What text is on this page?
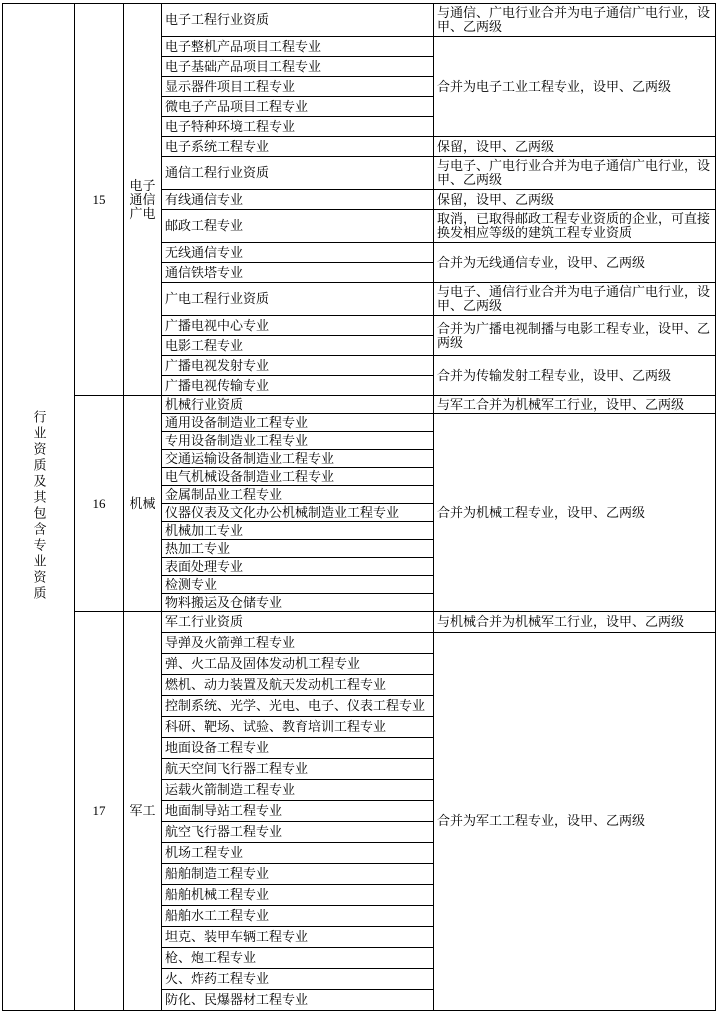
行业资质及其包含专业资质	15	电子通信广电	电子工程行业资质	与通信、广电行业合并为电子通信广电行业，设甲、乙两级
			电子整机产品项目工程专业	合并为电子工业工程专业，设甲、乙两级
			电子基础产品项目工程专业	
			显示器件项目工程专业	
			微电子产品项目工程专业	
			电子特种环境工程专业	
			电子系统工程专业	保留，设甲、乙两级
			通信工程行业资质	与电子、广电行业合并为电子通信广电行业，设甲、乙两级
			有线通信专业	保留，设甲、乙两级
			邮政工程专业	取消，已取得邮政工程专业资质的企业，可直接换发相应等级的建筑工程专业资质
			无线通信专业	合并为无线通信专业，设甲、乙两级
			通信铁塔专业	
			广电工程行业资质	与电子、通信行业合并为电子通信广电行业，设甲、乙两级
			广播电视中心专业	合并为广播电视制播与电影工程专业，设甲、乙两级
			电影工程专业	
			广播电视发射专业	合并为传输发射工程专业，设甲、乙两级
			广播电视传输专业	
	16	机械	机械行业资质	与军工合并为机械军工行业，设甲、乙两级
			通用设备制造业工程专业	合并为机械工程专业，设甲、乙两级
			专用设备制造业工程专业	
			交通运输设备制造业工程专业	
			电气机械设备制造业工程专业	
			金属制品业工程专业	
			仪器仪表及文化办公机械制造业工程专业	
			机械加工专业	
			热加工专业	
			表面处理专业	
			检测专业	
			物料搬运及仓储专业	
	17	军工	军工行业资质	与机械合并为机械军工行业，设甲、乙两级
			导弹及火箭弹工程专业	合并为军工工程专业，设甲、乙两级
			弹、火工品及固体发动机工程专业	
			燃机、动力装置及航天发动机工程专业	
			控制系统、光学、光电、电子、仪表工程专业	
			科研、靶场、试验、教育培训工程专业	
			地面设备工程专业	
			航天空间飞行器工程专业	
			运载火箭制造工程专业	
			地面制导站工程专业	
			航空飞行器工程专业	
			机场工程专业	
			船舶制造工程专业	
			船舶机械工程专业	
			船舶水工工程专业	
			坦克、装甲车辆工程专业	
			枪、炮工程专业	
			火、炸药工程专业	
			防化、民爆器材工程专业	
